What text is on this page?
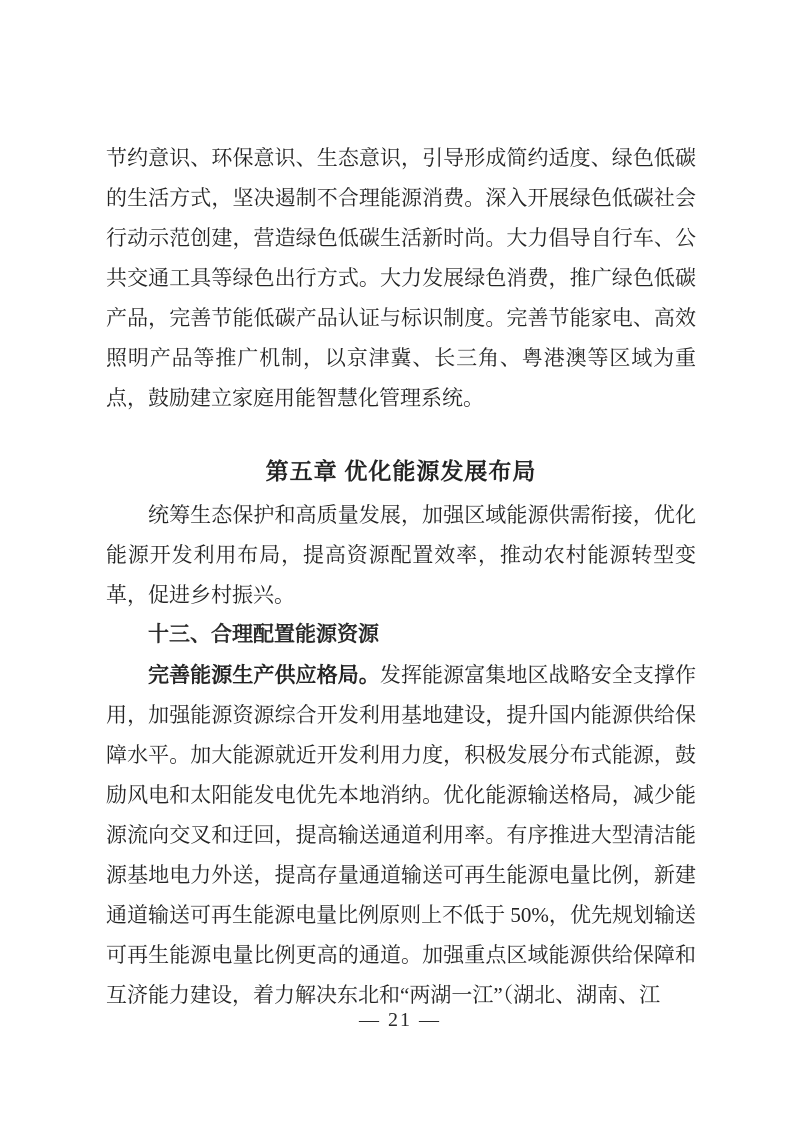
节约意识、环保意识、生态意识，引导形成简约适度、绿色低碳的生活方式，坚决遏制不合理能源消费。深入开展绿色低碳社会行动示范创建，营造绿色低碳生活新时尚。大力倡导自行车、公共交通工具等绿色出行方式。大力发展绿色消费，推广绿色低碳产品，完善节能低碳产品认证与标识制度。完善节能家电、高效照明产品等推广机制，以京津冀、长三角、粤港澳等区域为重点，鼓励建立家庭用能智慧化管理系统。

第五章 优化能源发展布局

统筹生态保护和高质量发展，加强区域能源供需衔接，优化能源开发利用布局，提高资源配置效率，推动农村能源转型变革，促进乡村振兴。

十三、合理配置能源资源

完善能源生产供应格局。发挥能源富集地区战略安全支撑作用，加强能源资源综合开发利用基地建设，提升国内能源供给保障水平。加大能源就近开发利用力度，积极发展分布式能源，鼓励风电和太阳能发电优先本地消纳。优化能源输送格局，减少能源流向交叉和迂回，提高输送通道利用率。有序推进大型清洁能源基地电力外送，提高存量通道输送可再生能源电量比例，新建通道输送可再生能源电量比例原则上不低于 50%，优先规划输送可再生能源电量比例更高的通道。加强重点区域能源供给保障和互济能力建设，着力解决东北和“两湖一江”（湖北、湖南、江

— 21 —
